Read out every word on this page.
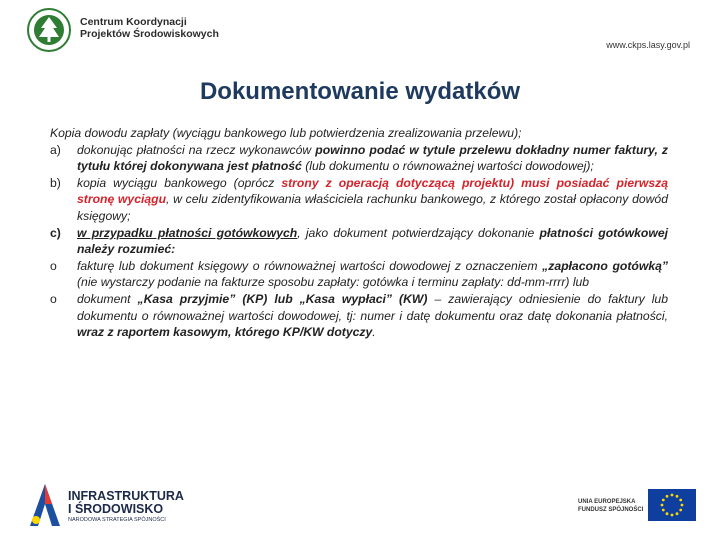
Centrum Koordynacji
Projektów Środowiskowych
www.ckps.lasy.gov.pl
Dokumentowanie wydatków
Kopia dowodu zapłaty (wyciągu bankowego lub potwierdzenia zrealizowania przelewu);
a) dokonując płatności na rzecz wykonawców powinno podać w tytule przelewu dokładny numer faktury, z tytułu której dokonywana jest płatność (lub dokumentu o równoważnej wartości dowodowej);
b) kopia wyciągu bankowego (oprócz strony z operacją dotyczącą projektu) musi posiadać pierwszą stronę wyciągu, w celu zidentyfikowania właściciela rachunku bankowego, z którego został opłacony dowód księgowy;
c) w przypadku płatności gotówkowych, jako dokument potwierdzający dokonanie płatności gotówkowej należy rozumieć:
o fakturę lub dokument księgowy o równoważnej wartości dowodowej z oznaczeniem „zapłacono gotówką” (nie wystarczy podanie na fakturze sposobu zapłaty: gotówka i terminu zapłaty: dd-mm-rrrr) lub
o dokument „Kasa przyjmie” (KP) lub „Kasa wypłaci” (KW) – zawierający odniesienie do faktury lub dokumentu o równoważnej wartości dowodowej, tj: numer i datę dokumentu oraz datę dokonania płatności, wraz z raportem kasowym, którego KP/KW dotyczy.
INFRASTRUKTURA
I ŚRODOWISKO
NARODOWA STRATEGIA SPÓJNOŚCI
UNIA EUROPEJSKA
FUNDUSZ SPÓJNOŚCI
